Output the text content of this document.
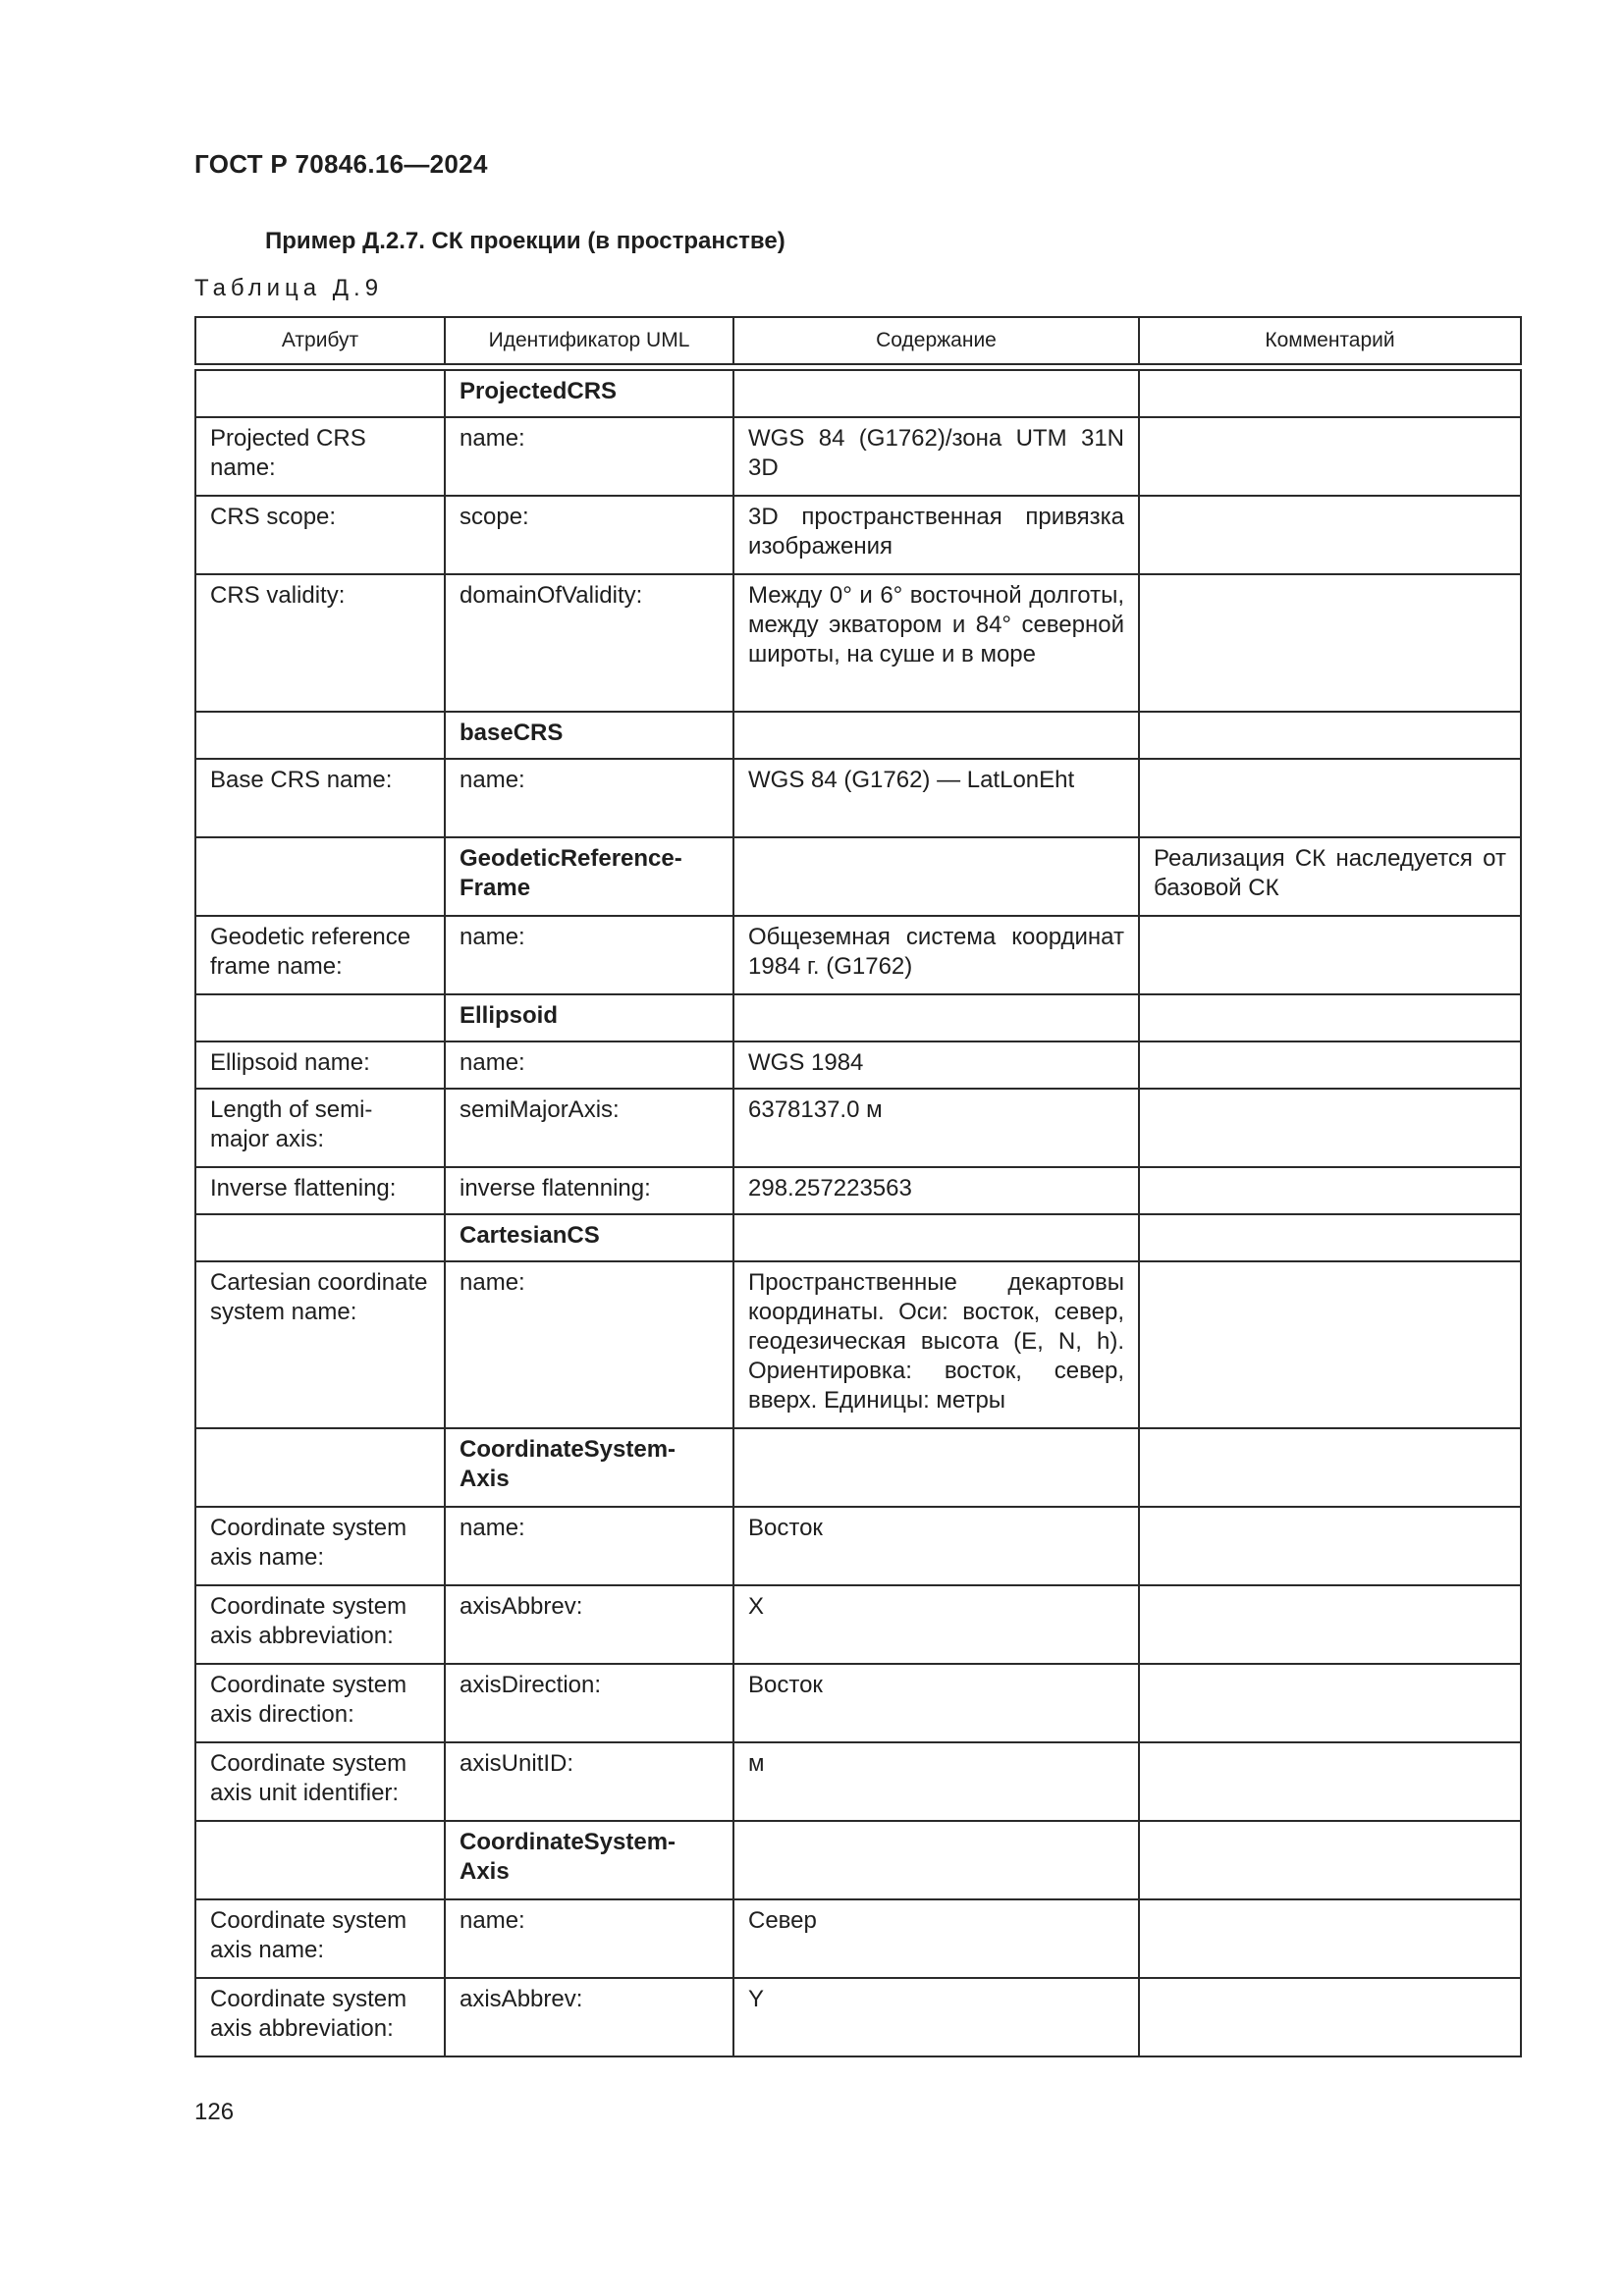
ГОСТ Р 70846.16—2024
Пример Д.2.7. СК проекции (в пространстве)

Таблица Д.9

Атрибут	Идентификатор UML	Содержание	Комментарий

	ProjectedCRS		
Projected CRS name:	name:	WGS 84 (G1762)/зона UTM 31N 3D	
CRS scope:	scope:	3D пространственная привязка изображения	
CRS validity:	domainOfValidity:	Между 0° и 6° восточной долготы, между экватором и 84° северной широты, на суше и в море	
	baseCRS		
Base CRS name:	name:	WGS 84 (G1762) — LatLonEht	
	GeodeticReference-Frame		Реализация СК наследуется от базовой СК
Geodetic reference frame name:	name:	Общеземная система координат 1984 г. (G1762)	
	Ellipsoid		
Ellipsoid name:	name:	WGS 1984	
Length of semi-major axis:	semiMajorAxis:	6378137.0 м	
Inverse flattening:	inverse flatenning:	298.257223563	
	CartesianCS		
Cartesian coordinate system name:	name:	Пространственные декартовы координаты. Оси: восток, север, геодезическая высота (E, N, h). Ориентировка: восток, север, вверх. Единицы: метры	
	CoordinateSystem-Axis		
Coordinate system axis name:	name:	Восток	
Coordinate system axis abbreviation:	axisAbbrev:	X	
Coordinate system axis direction:	axisDirection:	Восток	
Coordinate system axis unit identifier:	axisUnitID:	м	
	CoordinateSystem-Axis		
Coordinate system axis name:	name:	Север	
Coordinate system axis abbreviation:	axisAbbrev:	Y	

126
